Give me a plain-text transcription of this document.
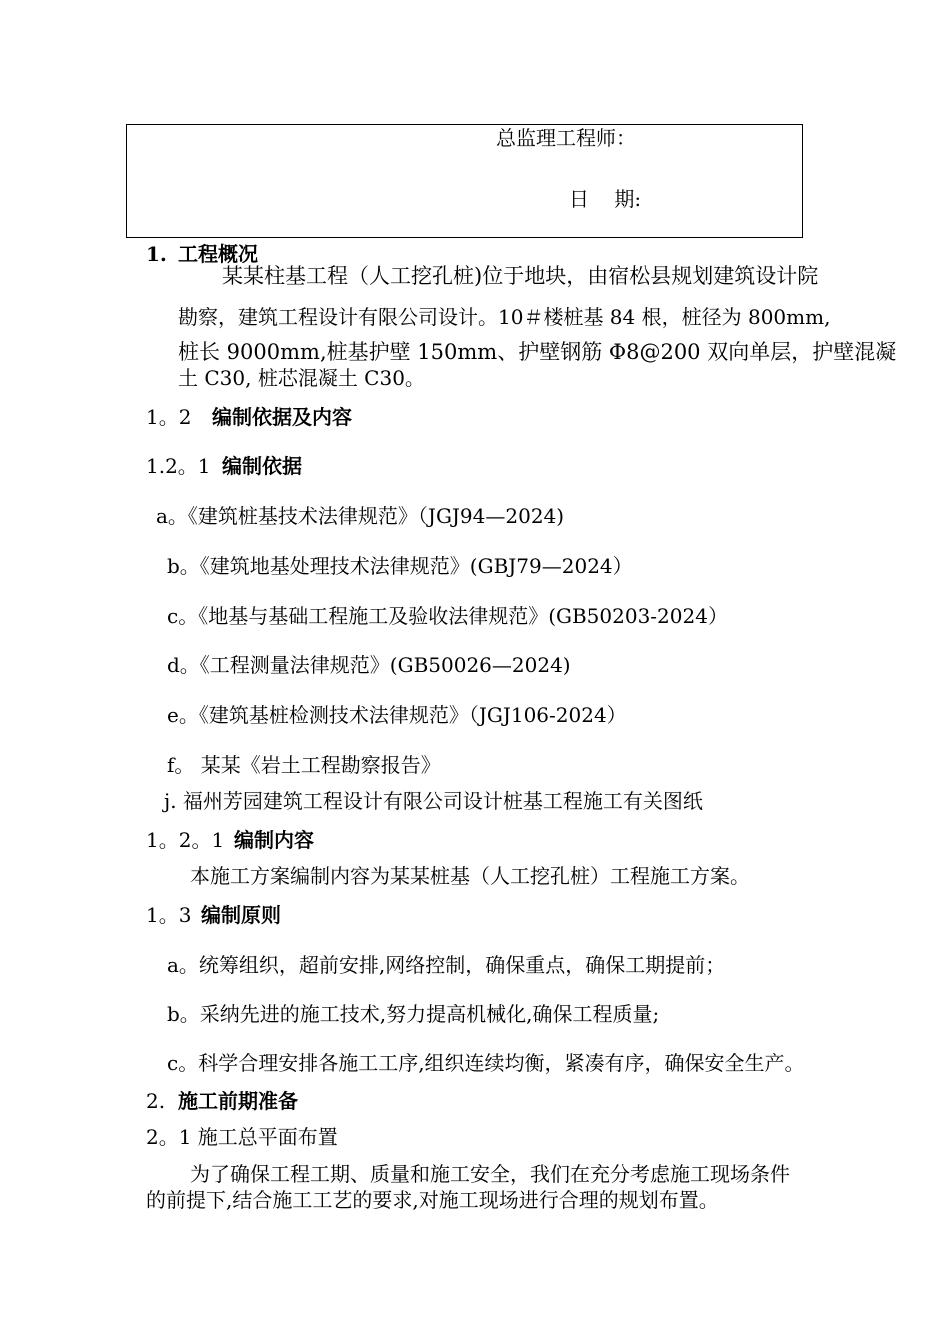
总监理工程师：
日    期:
1. 工程概况
某某柱基工程（人工挖孔桩)位于地块，由宿松县规划建筑设计院
勘察，建筑工程设计有限公司设计。10＃楼桩基 84 根，桩径为 800mm,
桩长 9000mm,桩基护壁 150mm、护壁钢筋 Φ8@200 双向单层，护壁混凝
土 C30, 桩芯混凝土 C30。
1。2 编制依据及内容
1.2。1 编制依据
a。《建筑桩基技术法律规范》（JGJ94—2024)
b。《建筑地基处理技术法律规范》(GBJ79—2024）
c。《地基与基础工程施工及验收法律规范》(GB50203-2024）
d。《工程测量法律规范》(GB50026—2024)
e。《建筑基桩检测技术法律规范》（JGJ106-2024）
f。 某某《岩土工程勘察报告》
j. 福州芳园建筑工程设计有限公司设计桩基工程施工有关图纸
1。2。1 编制内容
本施工方案编制内容为某某桩基（人工挖孔桩）工程施工方案。
1。3 编制原则
a。统筹组织，超前安排,网络控制，确保重点，确保工期提前；
b。采纳先进的施工技术,努力提高机械化,确保工程质量;
c。科学合理安排各施工工序,组织连续均衡，紧凑有序，确保安全生产。
2. 施工前期准备
2。1 施工总平面布置
为了确保工程工期、质量和施工安全，我们在充分考虑施工现场条件
的前提下,结合施工工艺的要求,对施工现场进行合理的规划布置。
